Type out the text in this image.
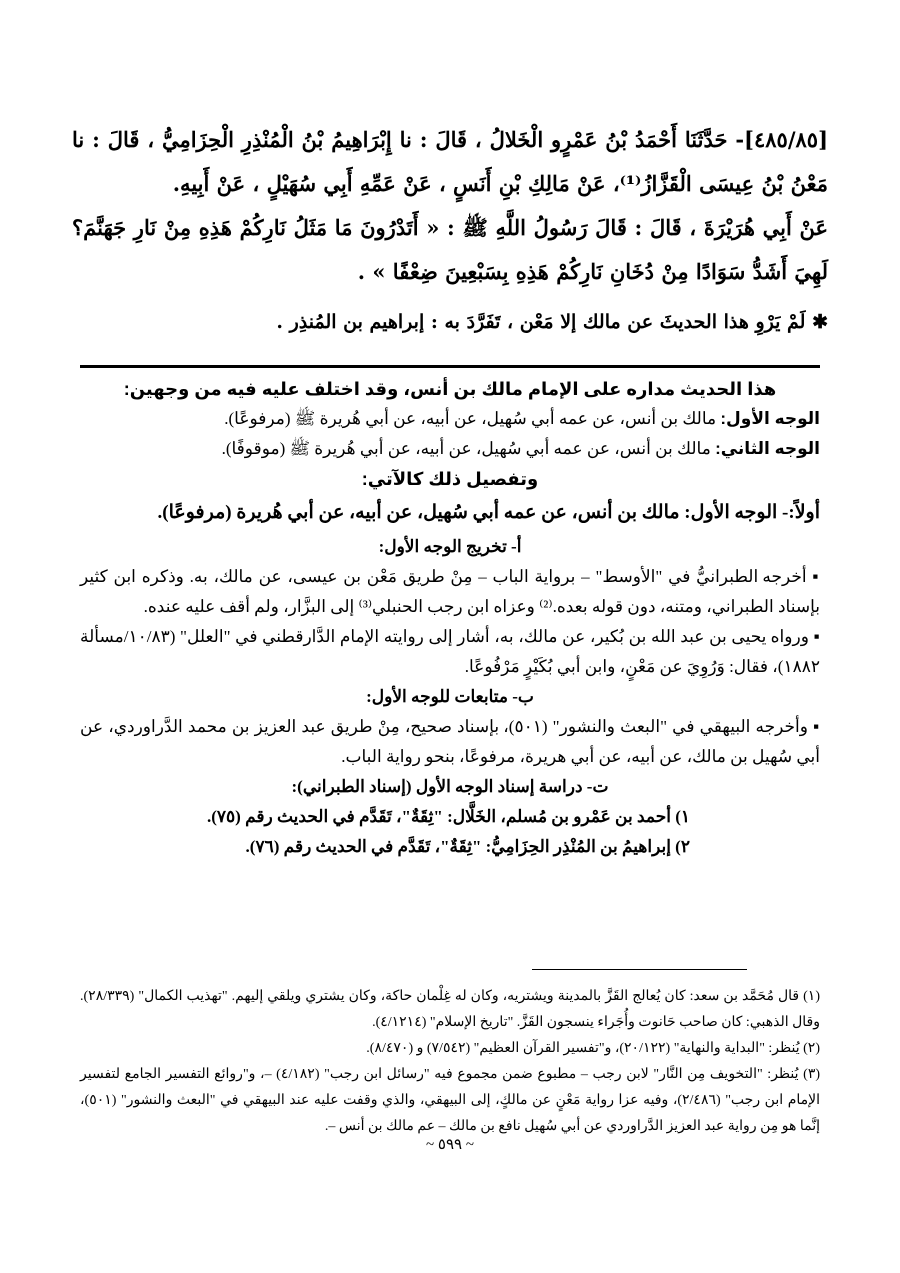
[٤٨٥/٨٥]- حَدَّثَنَا أَحْمَدُ بْنُ عَمْرٍو الْخَلالُ ، قَالَ : نا إِبْرَاهِيمُ بْنُ الْمُنْذِرِ الْحِزَامِيُّ ، قَالَ : نا مَعْنُ بْنُ عِيسَى الْقَزَّازُ⁽¹⁾، عَنْ مَالِكِ بْنِ أَنَسٍ ، عَنْ عَمِّهِ أَبِي سُهَيْلٍ ، عَنْ أَبِيهِ.

عَنْ أَبِي هُرَيْرَةَ ، قَالَ : قَالَ رَسُولُ اللَّهِ ﷺ : « أَتَدْرُونَ مَا مَثَلُ نَارِكُمْ هَذِهِ مِنْ نَارِ جَهَنَّمَ؟ لَهِيَ أَشَدُّ سَوَادًا مِنْ دُخَانِ نَارِكُمْ هَذِهِ بِسَبْعِينَ ضِعْفًا » .

✱ لَمْ يَرْوِ هذا الحديثَ عن مالك إلا مَعْن ، تَفَرَّدَ به : إبراهيم بن المُنذِر .

هذا الحديث مداره على الإمام مالك بن أنس، وقد اختلف عليه فيه من وجهين:

الوجه الأول: مالك بن أنس، عن عمه أبي سُهيل، عن أبيه، عن أبي هُريرة ﷺ (مرفوعًا).

الوجه الثاني: مالك بن أنس، عن عمه أبي سُهيل، عن أبيه، عن أبي هُريرة ﷺ (موقوفًا).

وتفصيل ذلك كالآتي:

أولاً:- الوجه الأول: مالك بن أنس، عن عمه أبي سُهيل، عن أبيه، عن أبي هُريرة (مرفوعًا).

أ- تخريج الوجه الأول:

▪ أخرجه الطبرانيُّ في "الأوسط" – برواية الباب – مِنْ طريق مَعْن بن عيسى، عن مالك، به. وذكره ابن كثير بإسناد الطبراني، ومتنه، دون قوله بعده.⁽²⁾ وعزاه ابن رجب الحنبلي⁽³⁾ إلى البزَّار، ولم أقف عليه عنده.

▪ ورواه يحيى بن عبد الله بن بُكير، عن مالك، به، أشار إلى روايته الإمام الدَّارقطني في "العلل" (١٠/٨٣/مسألة ١٨٨٢)، فقال: وَرُوِيَ عن مَعْنٍ، وابن أبي بُكَيْرٍ مَرْفُوعًا.

ب- متابعات للوجه الأول:

▪ وأخرجه البيهقي في "البعث والنشور" (٥٠١)، بإسناد صحيح، مِنْ طريق عبد العزيز بن محمد الدَّراوردي، عن أبي سُهيل بن مالك، عن أبيه، عن أبي هريرة، مرفوعًا، بنحو رواية الباب.

ت- دراسة إسناد الوجه الأول (إسناد الطبراني):

١) أحمد بن عَمْرو بن مُسلم، الخَلَّال: "ثِقَةٌ"، تَقَدَّم في الحديث رقم (٧٥).

٢) إبراهيمُ بن المُنْذِر الحِزَامِيُّ: "ثِقَةٌ"، تَقَدَّم في الحديث رقم (٧٦).

(١) قال مُحَمَّد بن سعد: كان يُعالج القَزَّ بالمدينة ويشتريه، وكان له غِلْمان حاكة، وكان يشتري ويلقي إليهم. "تهذيب الكمال" (٢٨/٣٣٩). وقال الذهبي: كان صاحب حَانوت وأُجَراء ينسجون القَزَّ. "تاريخ الإسلام" (٤/١٢١٤).

(٢) يُنظر: "البداية والنهاية" (٢٠/١٢٢)، و"تفسير القرآن العظيم" (٧/٥٤٢) و (٨/٤٧٠).

(٣) يُنظر: "التخويف مِن النَّار" لابن رجب – مطبوع ضمن مجموع فيه "رسائل ابن رجب" (٤/١٨٢) –، و"روائع التفسير الجامع لتفسير الإمام ابن رجب" (٢/٤٨٦)، وفيه عزا رواية مَعْنٍ عن مالكٍ، إلى البيهقي، والذي وقفت عليه عند البيهقي في "البعث والنشور" (٥٠١)، إنَّما هو مِن رواية عبد العزيز الدَّراوردي عن أبي سُهيل نافع بن مالك – عم مالك بن أنس –.

~ ٥٩٩ ~
